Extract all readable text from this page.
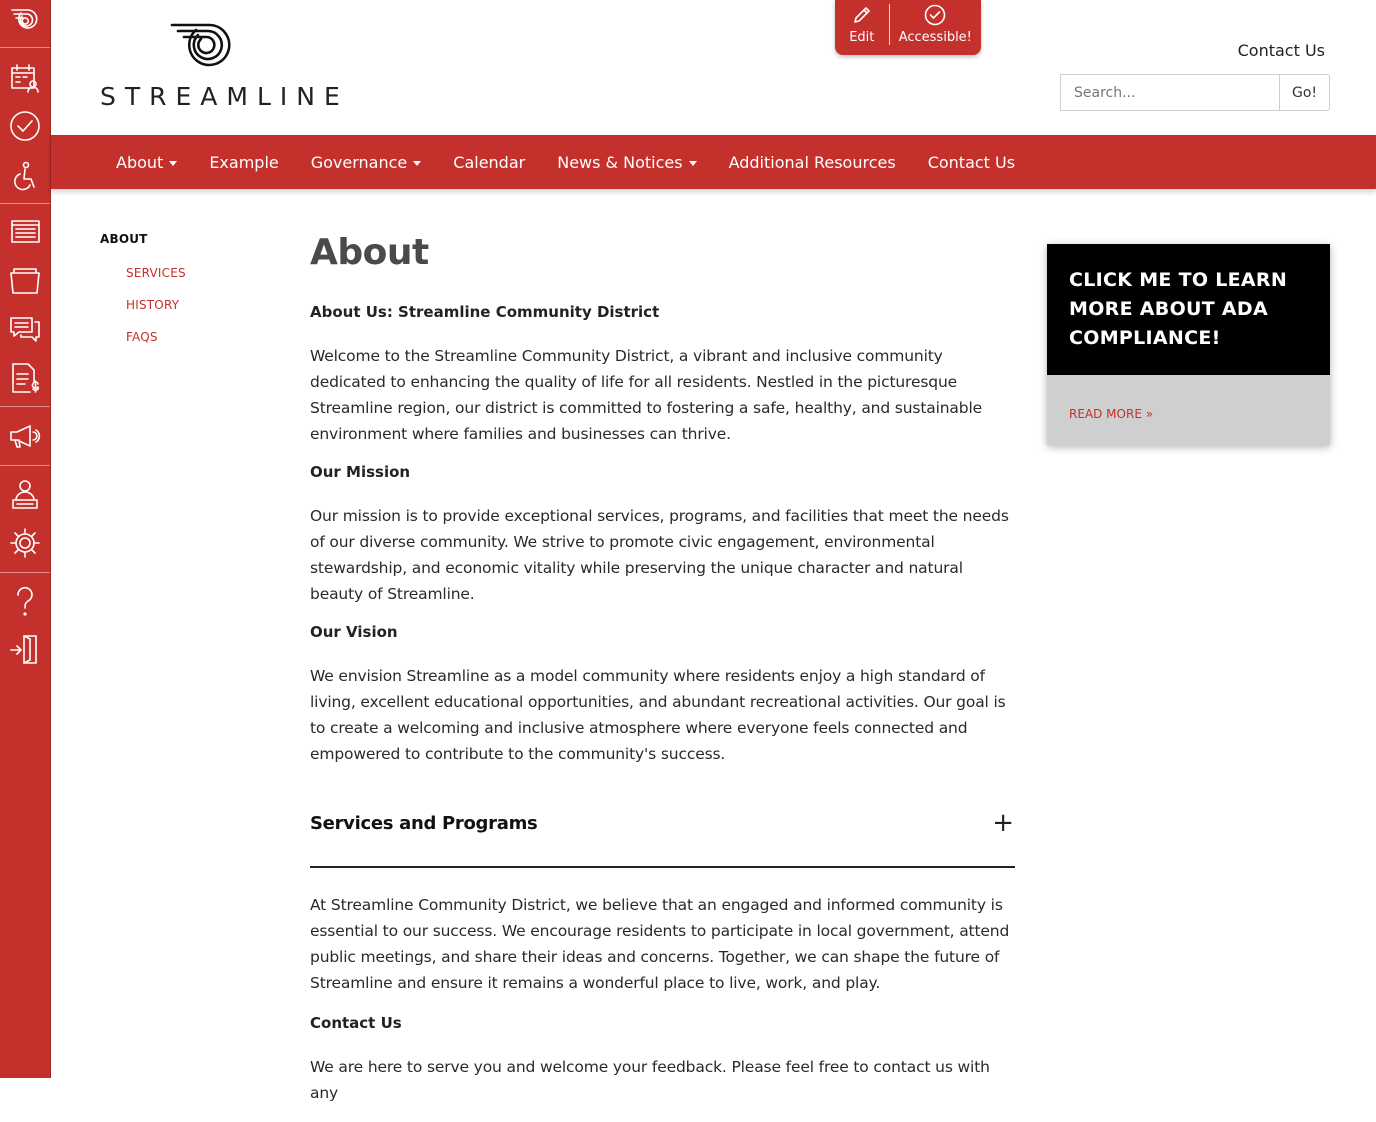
STREAMLINE
Edit Accessible!
Contact Us
Search...
Go!
About	Example Governance	Calendar News & Notices	Additional Resources Contact Us
ABOUT
SERVICES
HISTORY
FAQS
About
About Us: Streamline Community District

Welcome to the Streamline Community District, a vibrant and inclusive community dedicated to enhancing the quality of life for all residents. Nestled in the picturesque Streamline region, our district is committed to fostering a safe, healthy, and sustainable environment where families and businesses can thrive.

Our Mission

Our mission is to provide exceptional services, programs, and facilities that meet the needs of our diverse community. We strive to promote civic engagement, environmental stewardship, and economic vitality while preserving the unique character and natural beauty of Streamline.

Our Vision

We envision Streamline as a model community where residents enjoy a high standard of living, excellent educational opportunities, and abundant recreational activities. Our goal is to create a welcoming and inclusive atmosphere where everyone feels connected and empowered to contribute to the community's success.

Services and Programs	+

At Streamline Community District, we believe that an engaged and informed community is essential to our success. We encourage residents to participate in local government, attend public meetings, and share their ideas and concerns. Together, we can shape the future of Streamline and ensure it remains a wonderful place to live, work, and play.

Contact Us

We are here to serve you and welcome your feedback. Please feel free to contact us with any

CLICK ME TO LEARN MORE ABOUT ADA COMPLIANCE!
READ MORE »
